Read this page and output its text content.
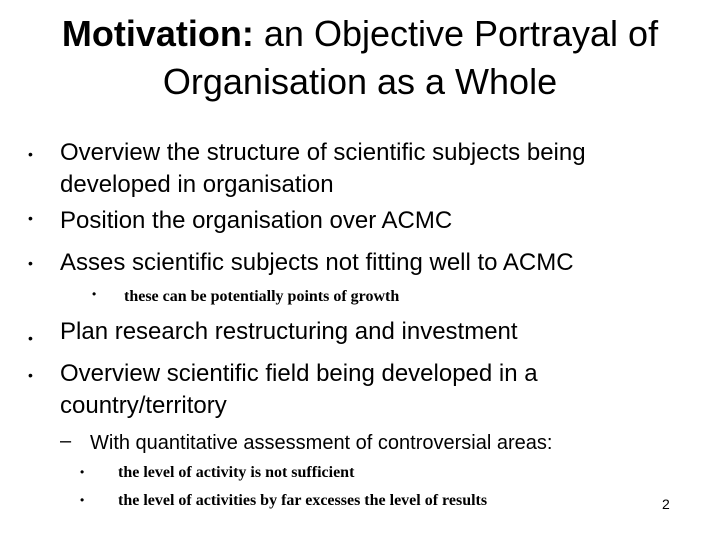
Motivation: an Objective Portrayal of
Organisation as a Whole
• Overview the structure of scientific subjects being
developed in organisation
• Position the organisation over ACMC
• Asses scientific subjects not fitting well to ACMC
• these can be potentially points of growth
• Plan research restructuring and investment
• Overview scientific field being developed in a
country/territory
– With quantitative assessment of controversial areas:
• the level of activity is not sufficient
• the level of activities by far excesses the level of results	2
